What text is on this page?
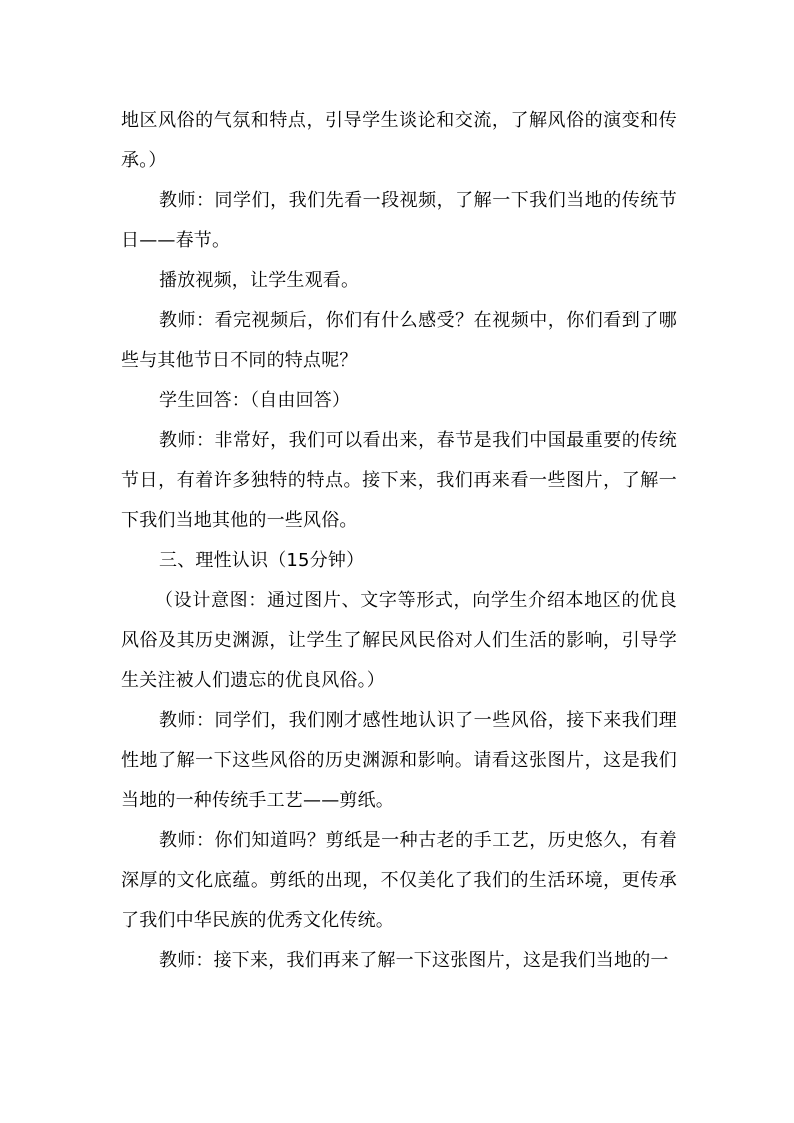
地区风俗的气氛和特点，引导学生谈论和交流，了解风俗的演变和传承。）

教师：同学们，我们先看一段视频，了解一下我们当地的传统节日——春节。

播放视频，让学生观看。

教师：看完视频后，你们有什么感受？在视频中，你们看到了哪些与其他节日不同的特点呢？

学生回答：（自由回答）

教师：非常好，我们可以看出来，春节是我们中国最重要的传统节日，有着许多独特的特点。接下来，我们再来看一些图片，了解一下我们当地其他的一些风俗。

三、理性认识（15分钟）

（设计意图：通过图片、文字等形式，向学生介绍本地区的优良风俗及其历史渊源，让学生了解民风民俗对人们生活的影响，引导学生关注被人们遗忘的优良风俗。）

教师：同学们，我们刚才感性地认识了一些风俗，接下来我们理性地了解一下这些风俗的历史渊源和影响。请看这张图片，这是我们当地的一种传统手工艺——剪纸。

教师：你们知道吗？剪纸是一种古老的手工艺，历史悠久，有着深厚的文化底蕴。剪纸的出现，不仅美化了我们的生活环境，更传承了我们中华民族的优秀文化传统。

教师：接下来，我们再来了解一下这张图片，这是我们当地的一
